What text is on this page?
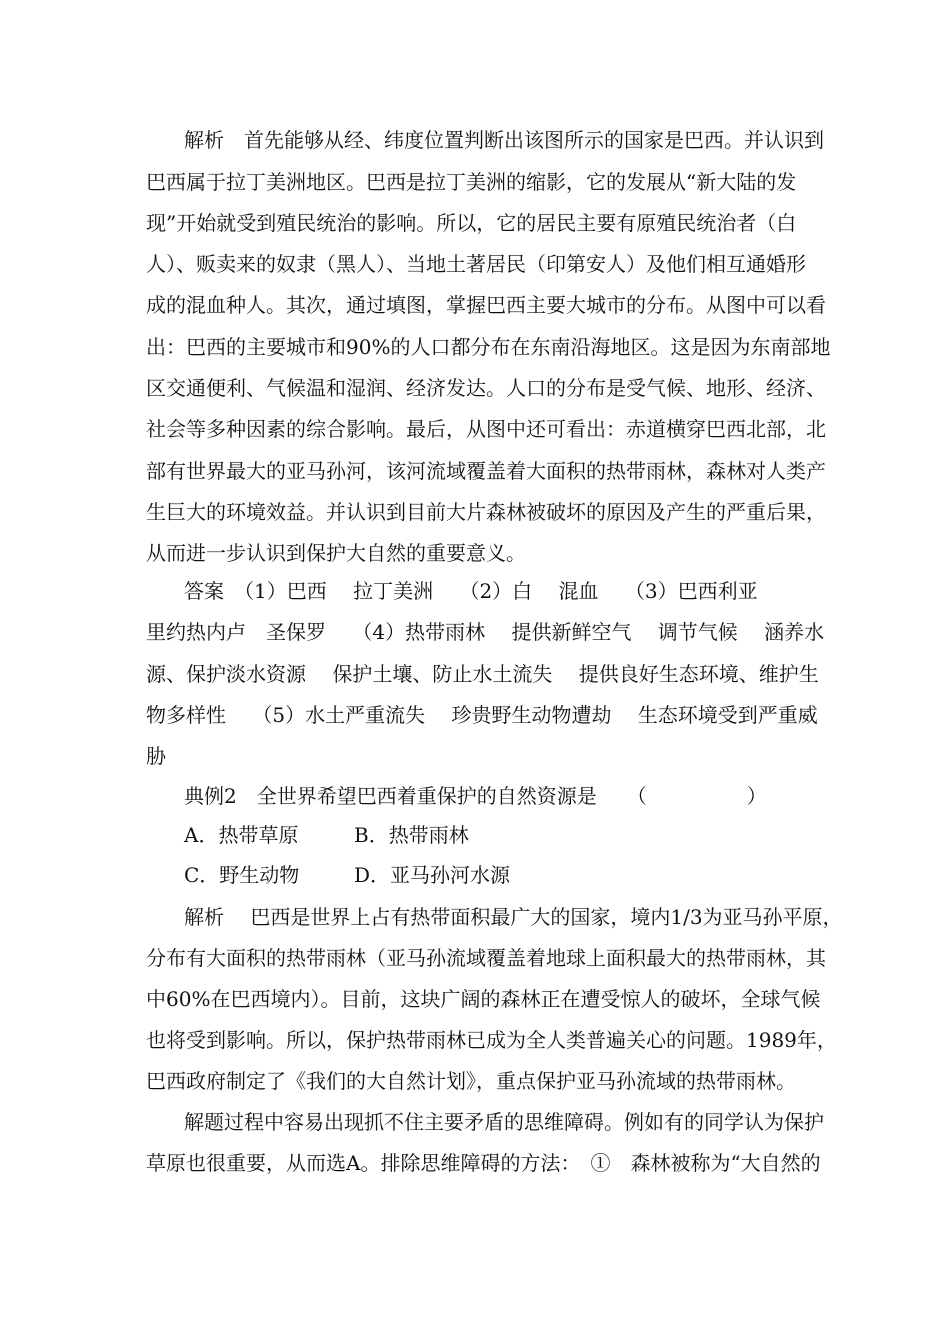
解析　首先能够从经、纬度位置判断出该图所示的国家是巴西。并认识到
巴西属于拉丁美洲地区。巴西是拉丁美洲的缩影，它的发展从“新大陆的发
现”开始就受到殖民统治的影响。所以，它的居民主要有原殖民统治者（白
人）、贩卖来的奴隶（黑人）、当地土著居民（印第安人）及他们相互通婚形
成的混血种人。其次，通过填图，掌握巴西主要大城市的分布。从图中可以看
出：巴西的主要城市和90%的人口都分布在东南沿海地区。这是因为东南部地
区交通便利、气候温和湿润、经济发达。人口的分布是受气候、地形、经济、
社会等多种因素的综合影响。最后，从图中还可看出：赤道横穿巴西北部，北
部有世界最大的亚马孙河，该河流域覆盖着大面积的热带雨林，森林对人类产
生巨大的环境效益。并认识到目前大片森林被破坏的原因及产生的严重后果，
从而进一步认识到保护大自然的重要意义。
答案　（1）巴西　 拉丁美洲　 （2）白　 混血　 （3）巴西利亚
里约热内卢　圣保罗　 （4）热带雨林　 提供新鲜空气　 调节气候　 涵养水
源、保护淡水资源　 保护土壤、防止水土流失　 提供良好生态环境、维护生
物多样性　 （5）水土严重流失　 珍贵野生动物遭劫　 生态环境受到严重威
胁
典例2　全世界希望巴西着重保护的自然资源是　　（　　　　　）
A．热带草原	B．热带雨林
C．野生动物	D．亚马孙河水源
解析　 巴西是世界上占有热带面积最广大的国家，境内1/3为亚马孙平原，
分布有大面积的热带雨林（亚马孙流域覆盖着地球上面积最大的热带雨林，其
中60%在巴西境内）。目前，这块广阔的森林正在遭受惊人的破坏，全球气候
也将受到影响。所以，保护热带雨林已成为全人类普遍关心的问题。1989年，
巴西政府制定了《我们的大自然计划》，重点保护亚马孙流域的热带雨林。
解题过程中容易出现抓不住主要矛盾的思维障碍。例如有的同学认为保护
草原也很重要，从而选A。排除思维障碍的方法：　①　森林被称为“大自然的
